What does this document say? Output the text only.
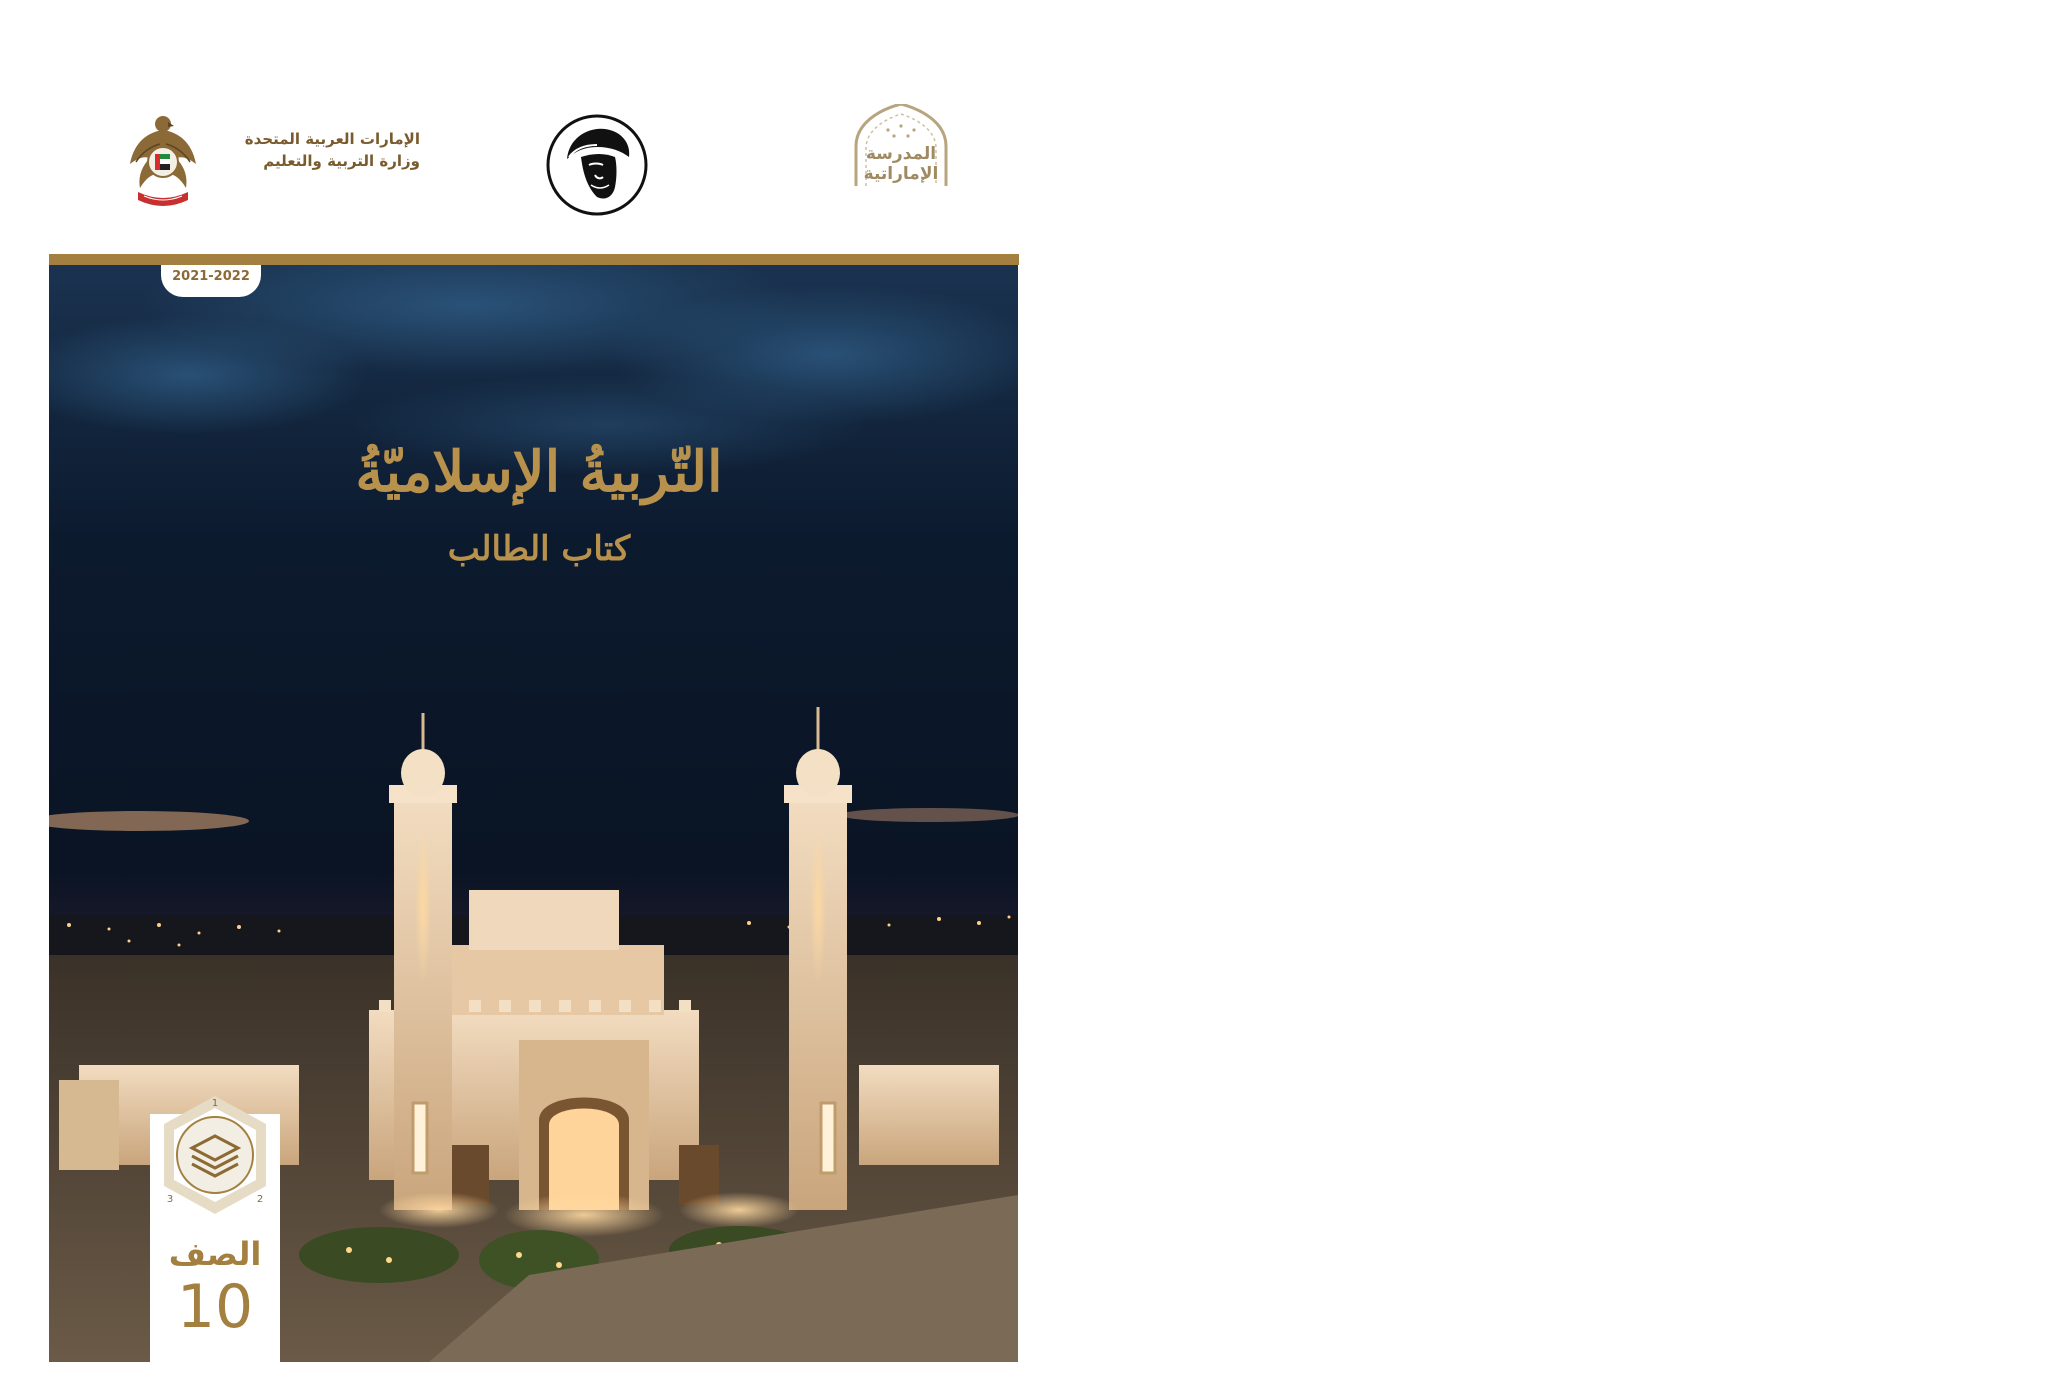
الإمارات العربية المتحدة
وزارة التربية والتعليم	المدرسة
الإماراتية
2021-2022
التّربيةُ الإسلاميّةُ
كتاب الطالب
1
2
3
الصف
10
